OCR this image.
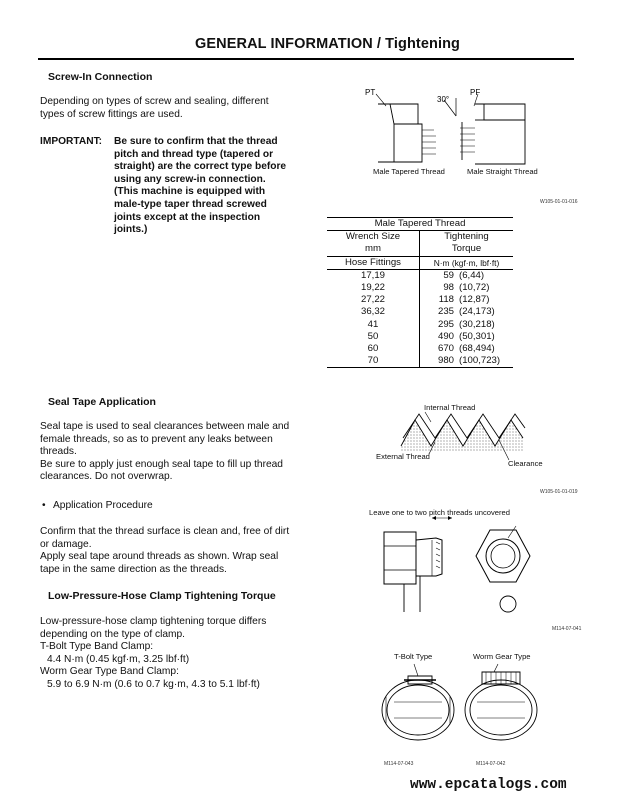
GENERAL INFORMATION / Tightening
Screw-In Connection
Depending on types of screw and sealing, different
types of screw fittings are used.
IMPORTANT: Be sure to confirm that the thread
pitch and thread type (tapered or
straight) are the correct type before
using any screw-in connection.
(This machine is equipped with
male-type taper thread screwed
joints except at the inspection
joints.)
PT
30°
PF
Male Tapered Thread	Male Straight Thread
W105-01-01-016
Male Tapered Thread	
Wrench Size	Tightening
mm	Torque
Hose Fittings	N·m (kgf·m, lbf·ft)
17,19	59 (6,44)
19,22	98 (10,72)
27,22	118 (12,87)
36,32	235 (24,173)
41	295 (30,218)
50	490 (50,301)
60	670 (68,494)
70	980 (100,723)
Seal Tape Application
Seal tape is used to seal clearances between male and
female threads, so as to prevent any leaks between
threads.
Be sure to apply just enough seal tape to fill up thread
clearances. Do not overwrap.
• Application Procedure
Confirm that the thread surface is clean and, free of dirt
or damage.
Apply seal tape around threads as shown. Wrap seal
tape in the same direction as the threads.
Internal Thread
External Thread
Clearance
W105-01-01-019
Leave one to two pitch threads uncovered
M114-07-041
Low-Pressure-Hose Clamp Tightening Torque
Low-pressure-hose clamp tightening torque differs
depending on the type of clamp.
T-Bolt Type Band Clamp:
4.4 N·m (0.45 kgf·m, 3.25 lbf·ft)
Worm Gear Type Band Clamp:
5.9 to 6.9 N·m (0.6 to 0.7 kg·m, 4.3 to 5.1 lbf·ft)
T-Bolt Type	Worm Gear Type
M114-07-043	M114-07-042
www.epcatalogs.com
